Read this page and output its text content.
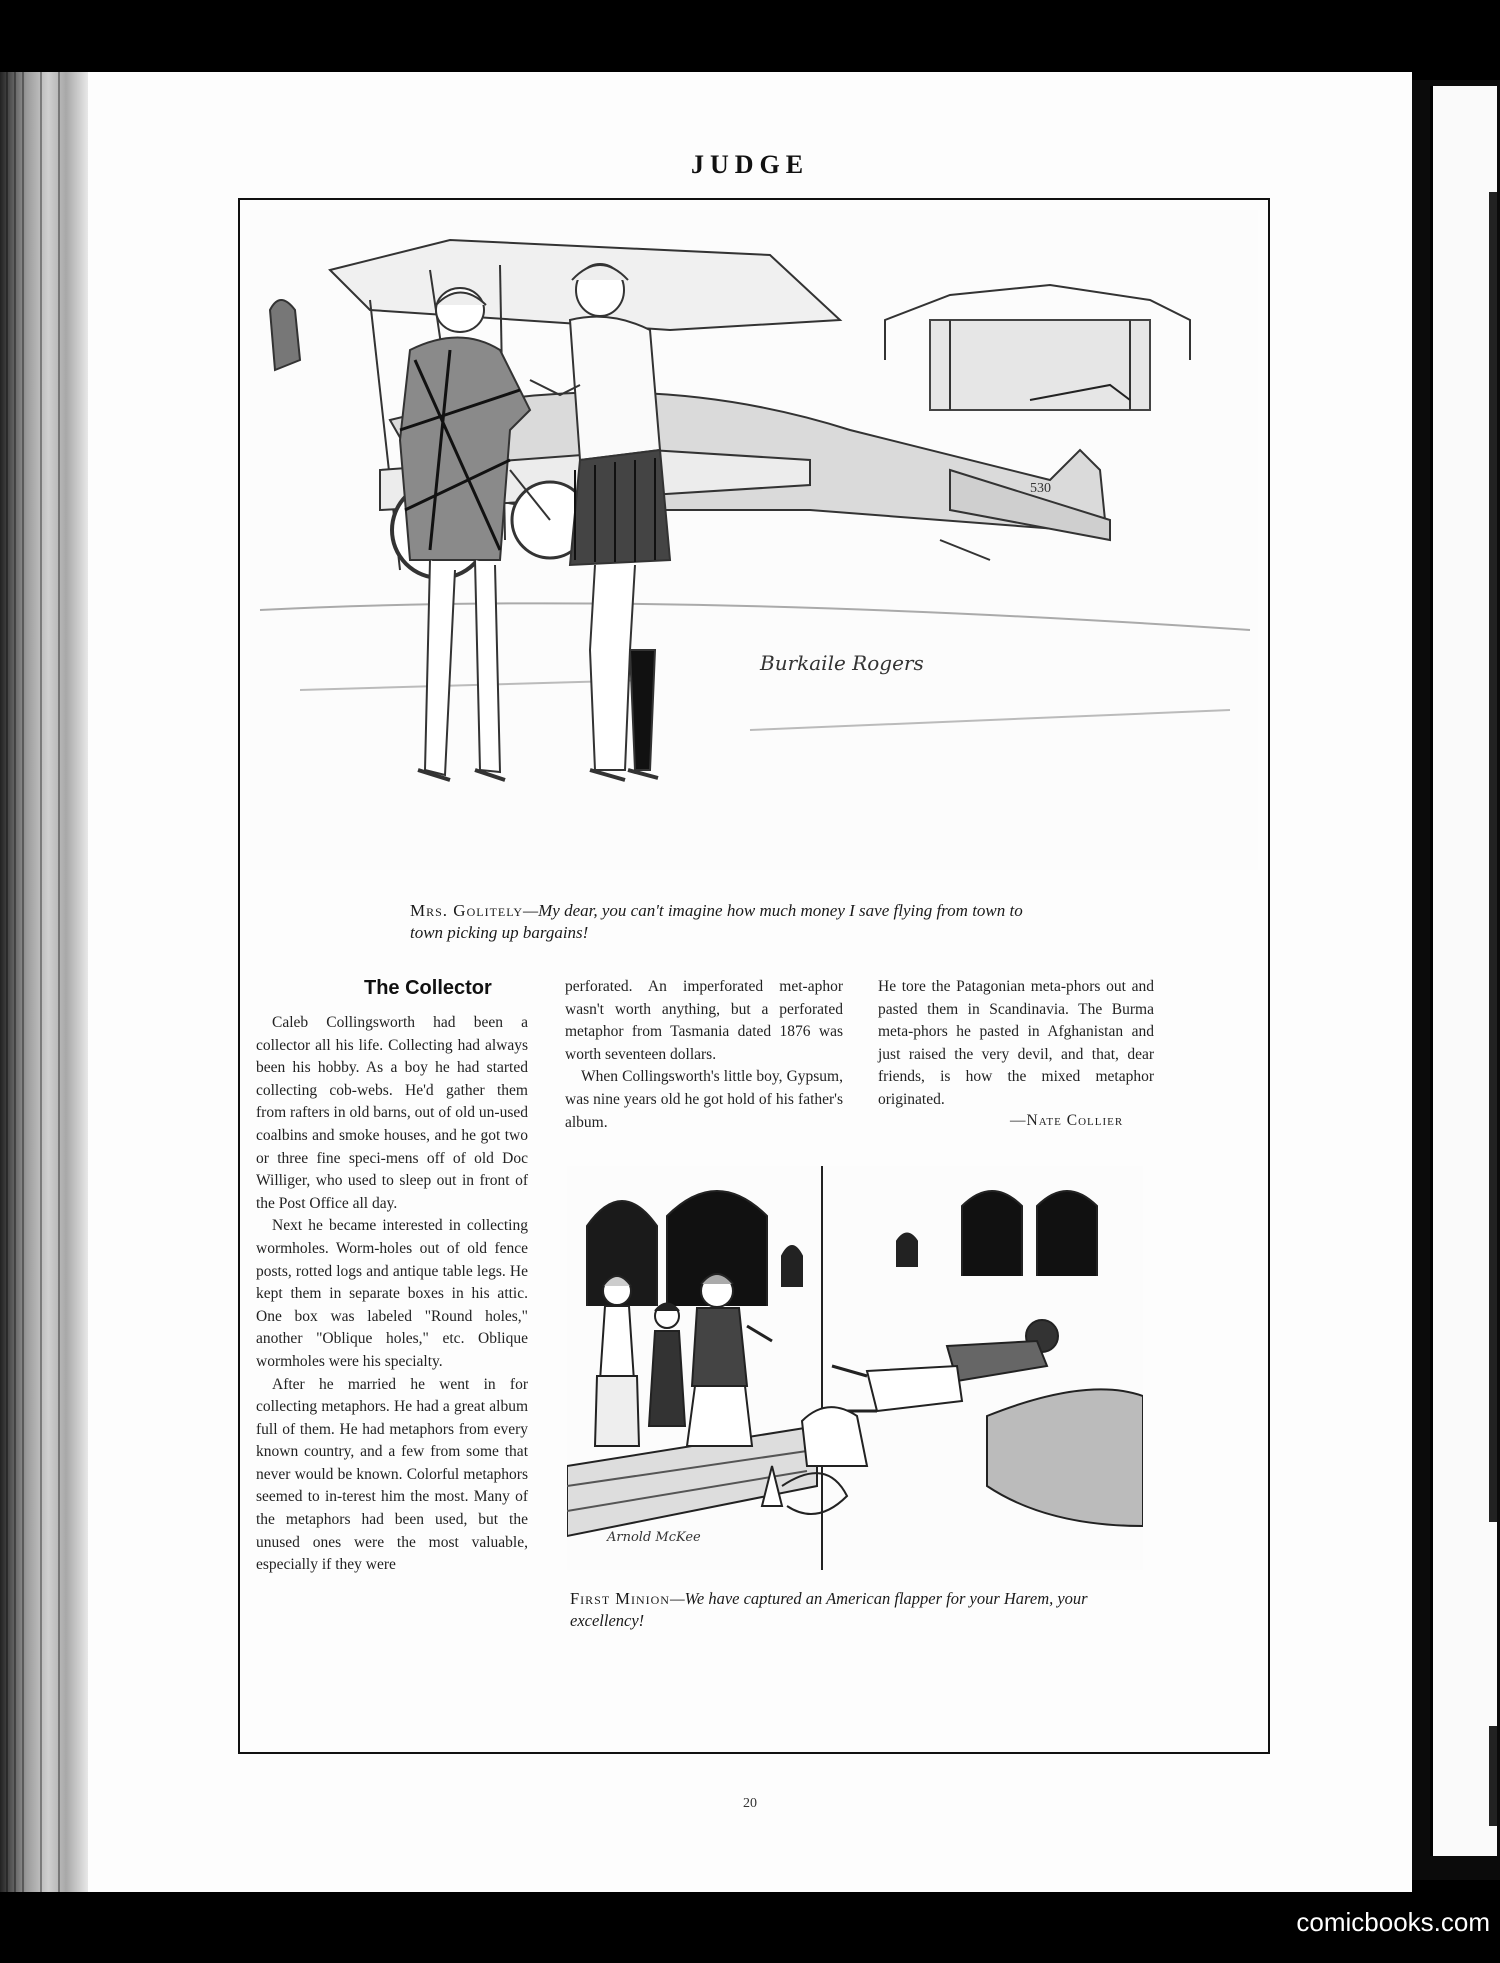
JUDGE
530
Burkaile Rogers
Mrs. Golitely—My dear, you can't imagine how much money I save flying from town to town picking up bargains!

Caleb Collingsworth had been a collector all his life. Collecting had always been his hobby. As a boy he had started collecting cob-webs. He'd gather them from rafters in old barns, out of old un-used coalbins and smoke houses, and he got two or three fine speci-mens off of old Doc Williger, who used to sleep out in front of the Post Office all day.

Next he became interested in collecting wormholes. Worm-holes out of old fence posts, rotted logs and antique table legs. He kept them in separate boxes in his attic. One box was labeled "Round holes," another "Oblique holes," etc. Oblique wormholes were his specialty.

After he married he went in for collecting metaphors. He had a great album full of them. He had metaphors from every known country, and a few from some that never would be known. Colorful metaphors seemed to in-terest him the most. Many of the metaphors had been used, but the unused ones were the most valuable, especially if they were

perforated. An imperforated met-aphor wasn't worth anything, but a perforated metaphor from Tasmania dated 1876 was worth seventeen dollars.

When Collingsworth's little boy, Gypsum, was nine years old he got hold of his father's album.

He tore the Patagonian meta-phors out and pasted them in Scandinavia. The Burma meta-phors he pasted in Afghanistan and just raised the very devil, and that, dear friends, is how the mixed metaphor originated.

—Nate Collier
Arnold McKee
First Minion—We have captured an American flapper for your Harem, your excellency!
The Collector
20
comicbooks.com
